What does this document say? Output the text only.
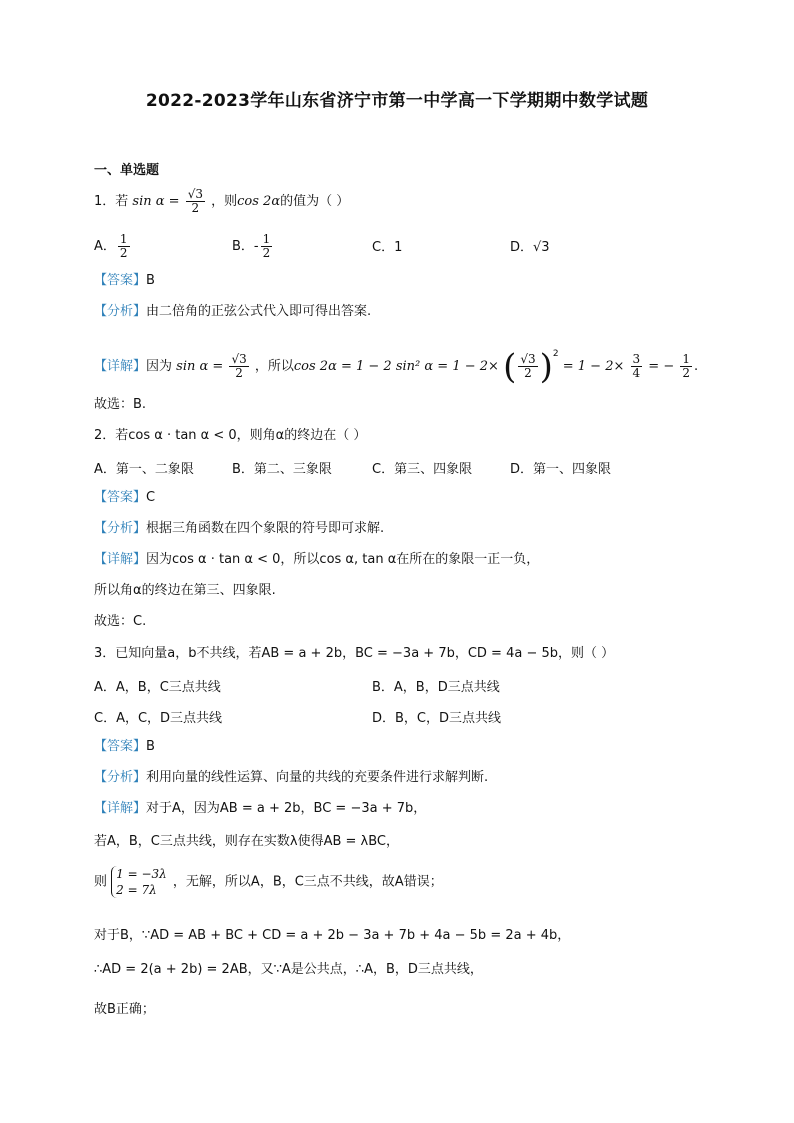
2022-2023学年山东省济宁市第一中学高一下学期期中数学试题
一、单选题
1．若 $\sin \alpha = \frac{√3}{2}$ ，则cos 2α的值为（ ）
A． $\frac{1}{2}$	B．- $\frac{1}{2}$	C．1	D．√3
【答案】B
【分析】由二倍角的正弦公式代入即可得出答案.
【详解】因为 $\sin \alpha = \frac{√3}{2}$ ，所以cos 2α = 1 − 2 sin² α = 1 − 2× ( $\frac{√3}{2} )^2 = 1 - 2\times \frac{3}{4}$ = − $\frac{1}{2}$ .
故选：B.
2．若cos α · tan α < 0，则角α的终边在（ ）
A．第一、二象限	B．第二、三象限	C．第三、四象限	D．第一、四象限
【答案】C
【分析】根据三角函数在四个象限的符号即可求解.
【详解】因为cos α · tan α < 0，所以cos α, tan α在所在的象限一正一负，
所以角α的终边在第三、四象限.
故选：C.
3．已知向量a，b不共线，若AB = a + 2b，BC = −3a + 7b，CD = 4a − 5b，则（ ）
A．A，B，C三点共线	B．A，B，D三点共线
C．A，C，D三点共线	D．B，C，D三点共线
【答案】B
【分析】利用向量的线性运算、向量的共线的充要条件进行求解判断.
【详解】对于A，因为AB = a + 2b，BC = −3a + 7b，
若A，B，C三点共线，则存在实数λ使得AB = λBC，
则
1 = −3λ
2 = 7λ
，无解，所以A，B，C三点不共线，故A错误；
对于B，∵AD = AB + BC + CD = a + 2b − 3a + 7b + 4a − 5b = 2a + 4b，
∴AD = 2(a + 2b) = 2AB，又∵A是公共点，∴A，B，D三点共线，
故B正确；
